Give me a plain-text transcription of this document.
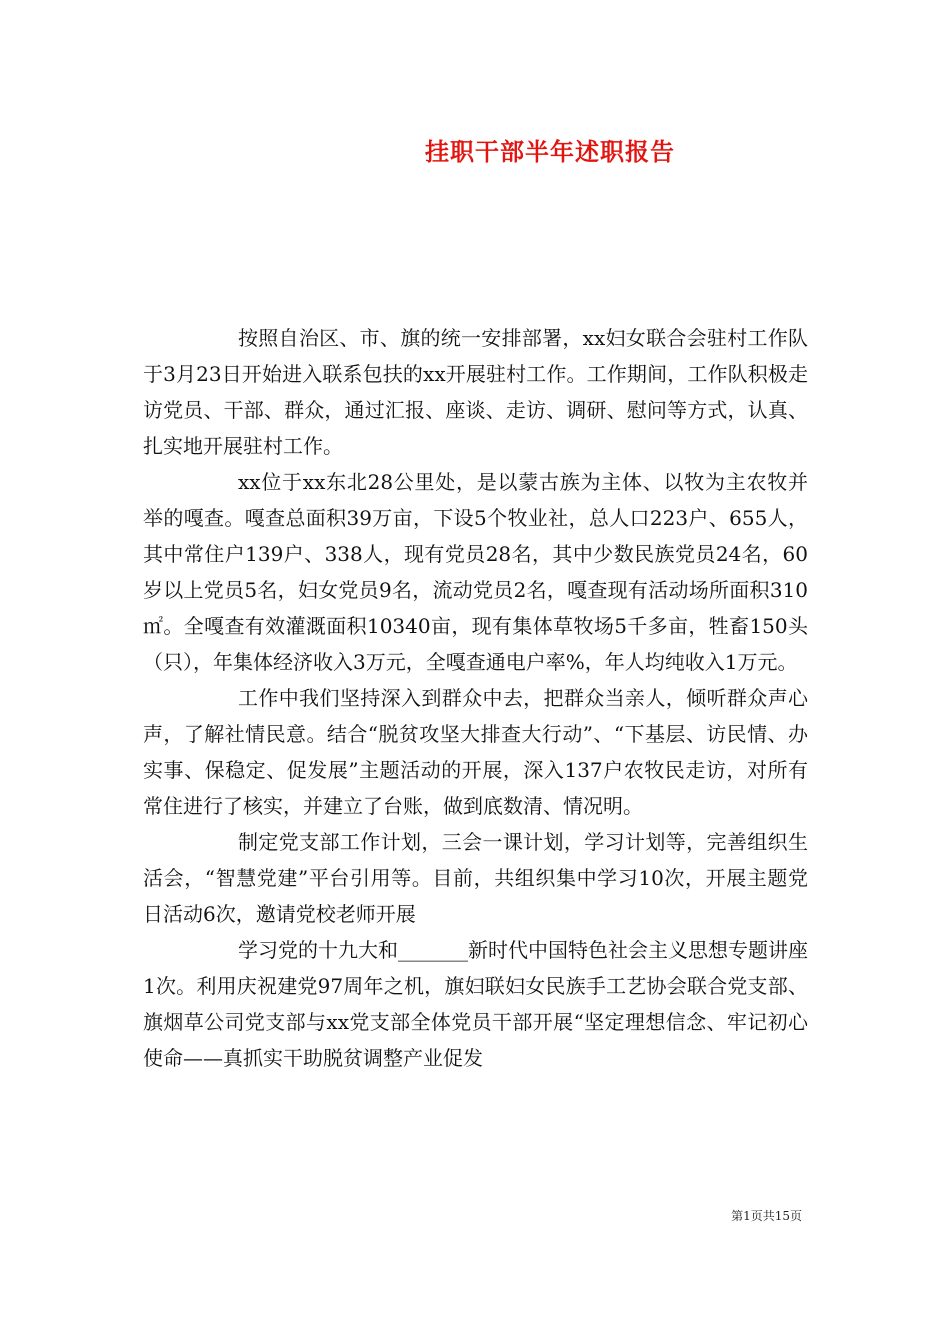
挂职干部半年述职报告

按照自治区、市、旗的统一安排部署，xx妇女联合会驻村工作队于3月23日开始进入联系包扶的xx开展驻村工作。工作期间，工作队积极走访党员、干部、群众，通过汇报、座谈、走访、调研、慰问等方式，认真、扎实地开展驻村工作。

xx位于xx东北28公里处，是以蒙古族为主体、以牧为主农牧并举的嘎查。嘎查总面积39万亩，下设5个牧业社，总人口223户、655人，其中常住户139户、338人，现有党员28名，其中少数民族党员24名，60岁以上党员5名，妇女党员9名，流动党员2名，嘎查现有活动场所面积310㎡。全嘎查有效灌溉面积10340亩，现有集体草牧场5千多亩，牲畜150头（只），年集体经济收入3万元，全嘎查通电户率%，年人均纯收入1万元。

工作中我们坚持深入到群众中去，把群众当亲人，倾听群众声心声，了解社情民意。结合“脱贫攻坚大排查大行动”、“下基层、访民情、办实事、保稳定、促发展”主题活动的开展，深入137户农牧民走访，对所有常住进行了核实，并建立了台账，做到底数清、情况明。

制定党支部工作计划，三会一课计划，学习计划等，完善组织生活会，“智慧党建”平台引用等。目前，共组织集中学习10次，开展主题党日活动6次，邀请党校老师开展

学习党的十九大和_______新时代中国特色社会主义思想专题讲座1次。利用庆祝建党97周年之机，旗妇联妇女民族手工艺协会联合党支部、旗烟草公司党支部与xx党支部全体党员干部开展“坚定理想信念、牢记初心使命——真抓实干助脱贫调整产业促发

第1页共15页
